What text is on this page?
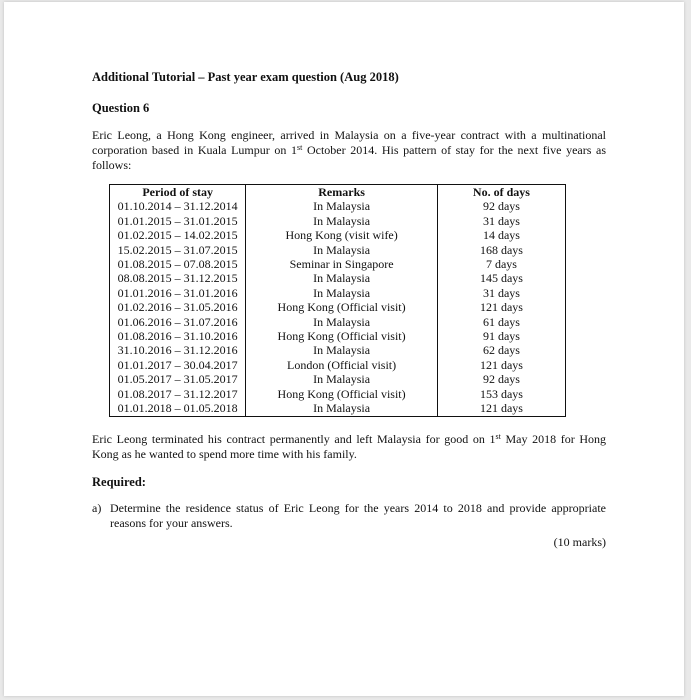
Additional Tutorial – Past year exam question (Aug 2018)

Question 6

Eric Leong, a Hong Kong engineer, arrived in Malaysia on a five-year contract with a multinational corporation based in Kuala Lumpur on 1st October 2014. His pattern of stay for the next five years as follows:

Period of stay	Remarks	No. of days
01.10.2014 – 31.12.2014	In Malaysia	92 days
01.01.2015 – 31.01.2015	In Malaysia	31 days
01.02.2015 – 14.02.2015	Hong Kong (visit wife)	14 days
15.02.2015 – 31.07.2015	In Malaysia	168 days
01.08.2015 – 07.08.2015	Seminar in Singapore	7 days
08.08.2015 – 31.12.2015	In Malaysia	145 days
01.01.2016 – 31.01.2016	In Malaysia	31 days
01.02.2016 – 31.05.2016	Hong Kong (Official visit)	121 days
01.06.2016 – 31.07.2016	In Malaysia	61 days
01.08.2016 – 31.10.2016	Hong Kong (Official visit)	91 days
31.10.2016 – 31.12.2016	In Malaysia	62 days
01.01.2017 – 30.04.2017	London (Official visit)	121 days
01.05.2017 – 31.05.2017	In Malaysia	92 days
01.08.2017 – 31.12.2017	Hong Kong (Official visit)	153 days
01.01.2018 – 01.05.2018	In Malaysia	121 days

Eric Leong terminated his contract permanently and left Malaysia for good on 1st May 2018 for Hong Kong as he wanted to spend more time with his family.

Required:

a) Determine the residence status of Eric Leong for the years 2014 to 2018 and provide appropriate reasons for your answers.

(10 marks)
